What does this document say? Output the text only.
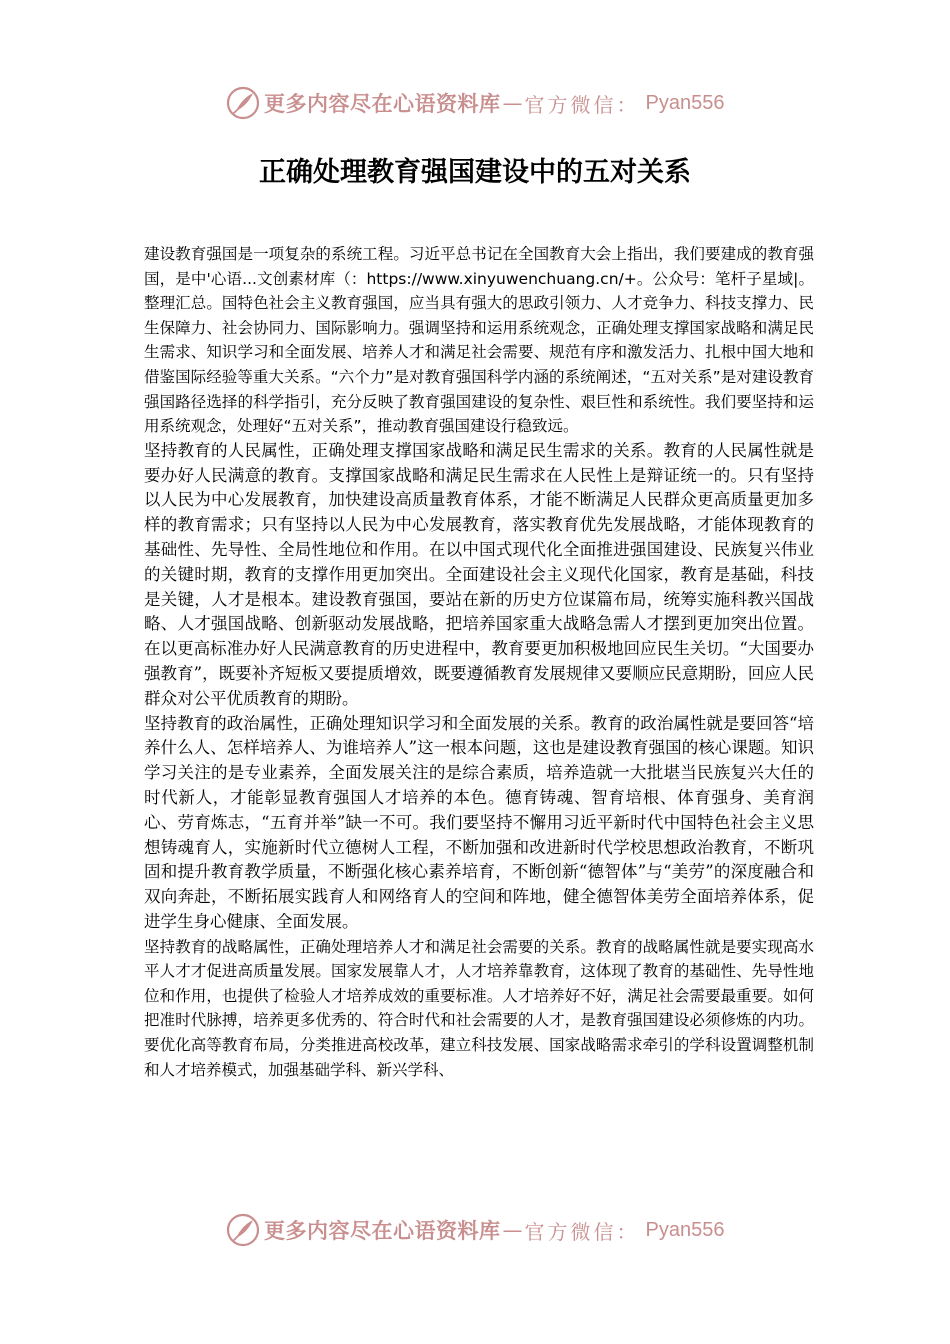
更多内容尽在心语资料库 — 官方微信： Pyan556
正确处理教育强国建设中的五对关系

建设教育强国是一项复杂的系统工程。习近平总书记在全国教育大会上指出，我们要建成的教育强国，是中'心语...文创素材库（：https://www.xinyuwenchuang.cn/+。公众号：笔杆子星域|。整理汇总。国特色社会主义教育强国，应当具有强大的思政引领力、人才竞争力、科技支撑力、民生保障力、社会协同力、国际影响力。强调坚持和运用系统观念，正确处理支撑国家战略和满足民生需求、知识学习和全面发展、培养人才和满足社会需要、规范有序和激发活力、扎根中国大地和借鉴国际经验等重大关系。“六个力”是对教育强国科学内涵的系统阐述，“五对关系”是对建设教育强国路径选择的科学指引，充分反映了教育强国建设的复杂性、艰巨性和系统性。我们要坚持和运用系统观念，处理好“五对关系”，推动教育强国建设行稳致远。

坚持教育的人民属性，正确处理支撑国家战略和满足民生需求的关系。教育的人民属性就是要办好人民满意的教育。支撑国家战略和满足民生需求在人民性上是辩证统一的。只有坚持以人民为中心发展教育，加快建设高质量教育体系，才能不断满足人民群众更高质量更加多样的教育需求；只有坚持以人民为中心发展教育，落实教育优先发展战略，才能体现教育的基础性、先导性、全局性地位和作用。在以中国式现代化全面推进强国建设、民族复兴伟业的关键时期，教育的支撑作用更加突出。全面建设社会主义现代化国家，教育是基础，科技是关键，人才是根本。建设教育强国，要站在新的历史方位谋篇布局，统筹实施科教兴国战略、人才强国战略、创新驱动发展战略，把培养国家重大战略急需人才摆到更加突出位置。在以更高标准办好人民满意教育的历史进程中，教育要更加积极地回应民生关切。“大国要办强教育”，既要补齐短板又要提质增效，既要遵循教育发展规律又要顺应民意期盼，回应人民群众对公平优质教育的期盼。

坚持教育的政治属性，正确处理知识学习和全面发展的关系。教育的政治属性就是要回答“培养什么人、怎样培养人、为谁培养人”这一根本问题，这也是建设教育强国的核心课题。知识学习关注的是专业素养，全面发展关注的是综合素质，培养造就一大批堪当民族复兴大任的时代新人，才能彰显教育强国人才培养的本色。德育铸魂、智育培根、体育强身、美育润心、劳育炼志，“五育并举”缺一不可。我们要坚持不懈用习近平新时代中国特色社会主义思想铸魂育人，实施新时代立德树人工程，不断加强和改进新时代学校思想政治教育，不断巩固和提升教育教学质量，不断强化核心素养培育，不断创新“德智体”与“美劳”的深度融合和双向奔赴，不断拓展实践育人和网络育人的空间和阵地，健全德智体美劳全面培养体系，促进学生身心健康、全面发展。

坚持教育的战略属性，正确处理培养人才和满足社会需要的关系。教育的战略属性就是要实现高水平人才才促进高质量发展。国家发展靠人才，人才培养靠教育，这体现了教育的基础性、先导性地位和作用，也提供了检验人才培养成效的重要标准。人才培养好不好，满足社会需要最重要。如何把准时代脉搏，培养更多优秀的、符合时代和社会需要的人才，是教育强国建设必须修炼的内功。要优化高等教育布局，分类推进高校改革，建立科技发展、国家战略需求牵引的学科设置调整机制和人才培养模式，加强基础学科、新兴学科、

更多内容尽在心语资料库 — 官方微信： Pyan556
